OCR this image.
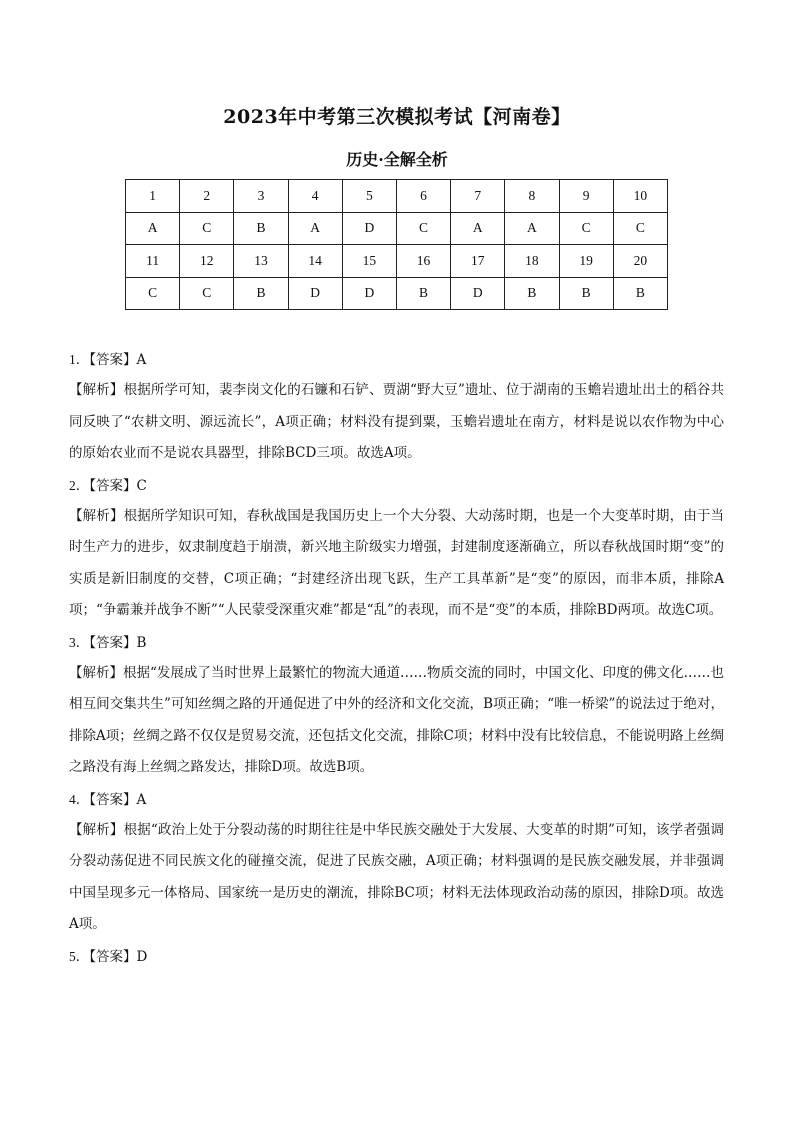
2023年中考第三次模拟考试【河南卷】
历史·全解全析
1	2	3	4	5	6	7	8	9	10
A	C	B	A	D	C	A	A	C	C
11	12	13	14	15	16	17	18	19	20
C	C	B	D	D	B	D	B	B	B
1．【答案】A
【解析】根据所学可知，裴李岗文化的石镰和石铲、贾湖“野大豆”遗址、位于湖南的玉蟾岩遗址出土的稻谷共同反映了“农耕文明、源远流长”，A项正确；材料没有提到粟，玉蟾岩遗址在南方，材料是说以农作物为中心的原始农业而不是说农具器型，排除BCD三项。故选A项。
2．【答案】C
【解析】根据所学知识可知，春秋战国是我国历史上一个大分裂、大动荡时期，也是一个大变革时期，由于当时生产力的进步，奴隶制度趋于崩溃，新兴地主阶级实力增强，封建制度逐渐确立，所以春秋战国时期“变”的实质是新旧制度的交替，C项正确；“封建经济出现飞跃，生产工具革新”是“变”的原因，而非本质，排除A项；“争霸兼并战争不断”“人民蒙受深重灾难”都是“乱”的表现，而不是“变”的本质，排除BD两项。故选C项。
3．【答案】B
【解析】根据“发展成了当时世界上最繁忙的物流大通道……物质交流的同时，中国文化、印度的佛文化……也相互间交集共生”可知丝绸之路的开通促进了中外的经济和文化交流，B项正确；“唯一桥梁”的说法过于绝对，排除A项；丝绸之路不仅仅是贸易交流，还包括文化交流，排除C项；材料中没有比较信息，不能说明路上丝绸之路没有海上丝绸之路发达，排除D项。故选B项。
4．【答案】A
【解析】根据“政治上处于分裂动荡的时期往往是中华民族交融处于大发展、大变革的时期”可知，该学者强调分裂动荡促进不同民族文化的碰撞交流，促进了民族交融，A项正确；材料强调的是民族交融发展，并非强调中国呈现多元一体格局、国家统一是历史的潮流，排除BC项；材料无法体现政治动荡的原因，排除D项。故选A项。
5．【答案】D
